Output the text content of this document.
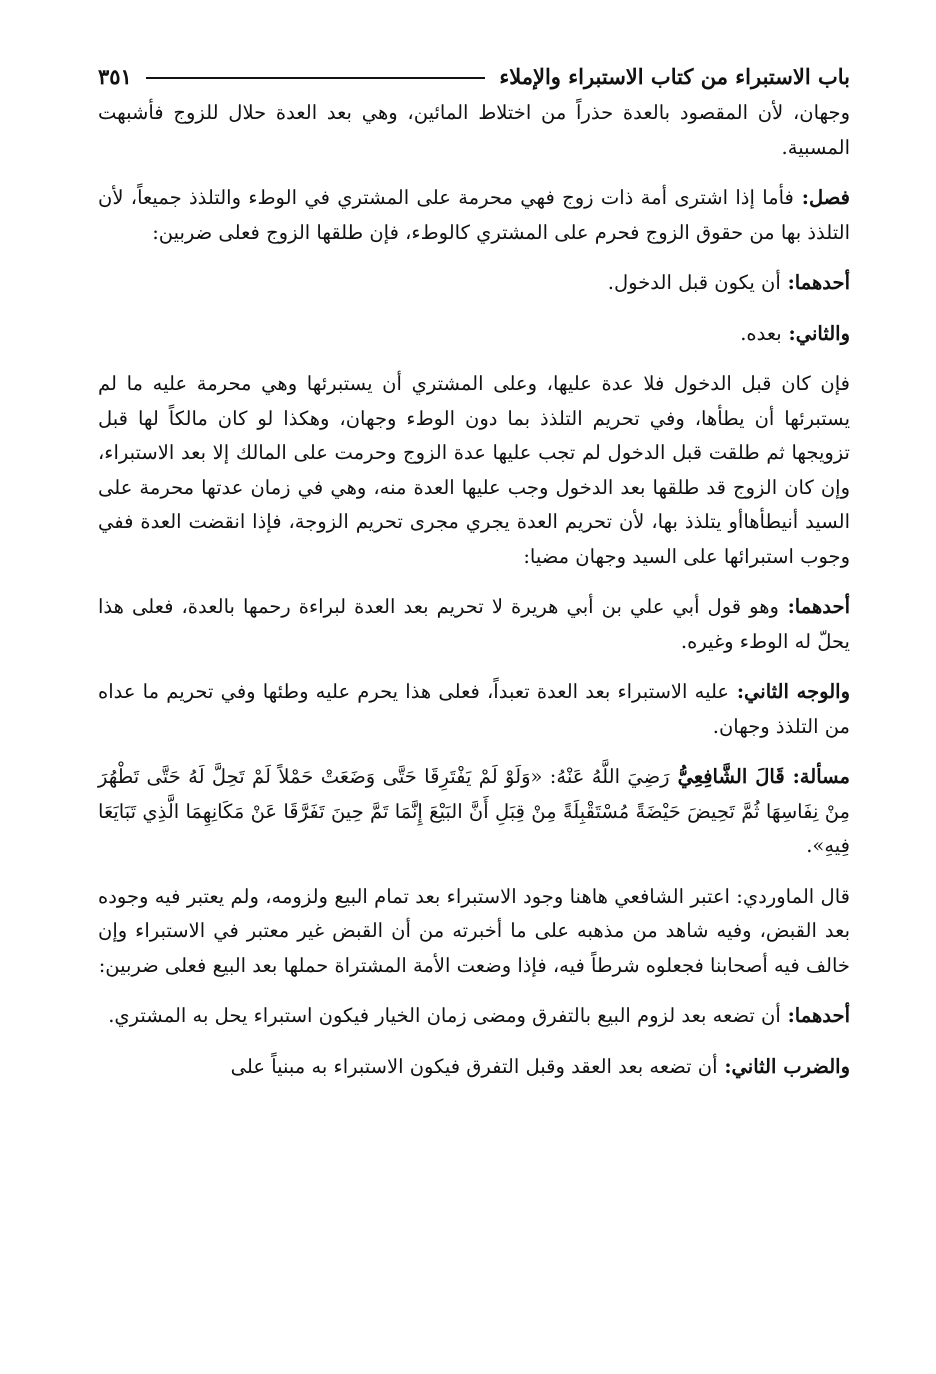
باب الاستبراء من كتاب الاستبراء والإملاء
٣٥١

وجهان، لأن المقصود بالعدة حذراً من اختلاط المائين، وهي بعد العدة حلال للزوج فأشبهت المسبية.

فصل: فأما إذا اشترى أمة ذات زوج فهي محرمة على المشتري في الوطء والتلذذ جميعاً، لأن التلذذ بها من حقوق الزوج فحرم على المشتري كالوطء، فإن طلقها الزوج فعلى ضربين:

أحدهما: أن يكون قبل الدخول.

والثاني: بعده.

فإن كان قبل الدخول فلا عدة عليها، وعلى المشتري أن يستبرئها وهي محرمة عليه ما لم يستبرئها أن يطأها، وفي تحريم التلذذ بما دون الوطء وجهان، وهكذا لو كان مالكاً لها قبل تزويجها ثم طلقت قبل الدخول لم تجب عليها عدة الزوج وحرمت على المالك إلا بعد الاستبراء، وإن كان الزوج قد طلقها بعد الدخول وجب عليها العدة منه، وهي في زمان عدتها محرمة على السيد أنيطأهاأو يتلذذ بها، لأن تحريم العدة يجري مجرى تحريم الزوجة، فإذا انقضت العدة ففي وجوب استبرائها على السيد وجهان مضيا:

أحدهما: وهو قول أبي علي بن أبي هريرة لا تحريم بعد العدة لبراءة رحمها بالعدة، فعلى هذا يحلّ له الوطء وغيره.

والوجه الثاني: عليه الاستبراء بعد العدة تعبداً، فعلى هذا يحرم عليه وطئها وفي تحريم ما عداه من التلذذ وجهان.

مسألة: قَالَ الشَّافِعِيُّ رَضِيَ اللَّهُ عَنْهُ: «وَلَوْ لَمْ يَفْتَرِقَا حَتَّى وَضَعَتْ حَمْلاً لَمْ تَحِلَّ لَهُ حَتَّى تَطْهُرَ مِنْ نِفَاسِهَا ثُمَّ تَحِيضَ حَيْضَةً مُسْتَقْبِلَةً مِنْ قِبَلِ أَنَّ البَيْعَ إِنَّمَا تَمَّ حِينَ تَفَرَّقَا عَنْ مَكَانِهِمَا الَّذِي تَبَايَعَا فِيهِ».

قال الماوردي: اعتبر الشافعي هاهنا وجود الاستبراء بعد تمام البيع ولزومه، ولم يعتبر فيه وجوده بعد القبض، وفيه شاهد من مذهبه على ما أخبرته من أن القبض غير معتبر في الاستبراء وإن خالف فيه أصحابنا فجعلوه شرطاً فيه، فإذا وضعت الأمة المشتراة حملها بعد البيع فعلى ضربين:

أحدهما: أن تضعه بعد لزوم البيع بالتفرق ومضى زمان الخيار فيكون استبراء يحل به المشتري.

والضرب الثاني: أن تضعه بعد العقد وقبل التفرق فيكون الاستبراء به مبنياً على
